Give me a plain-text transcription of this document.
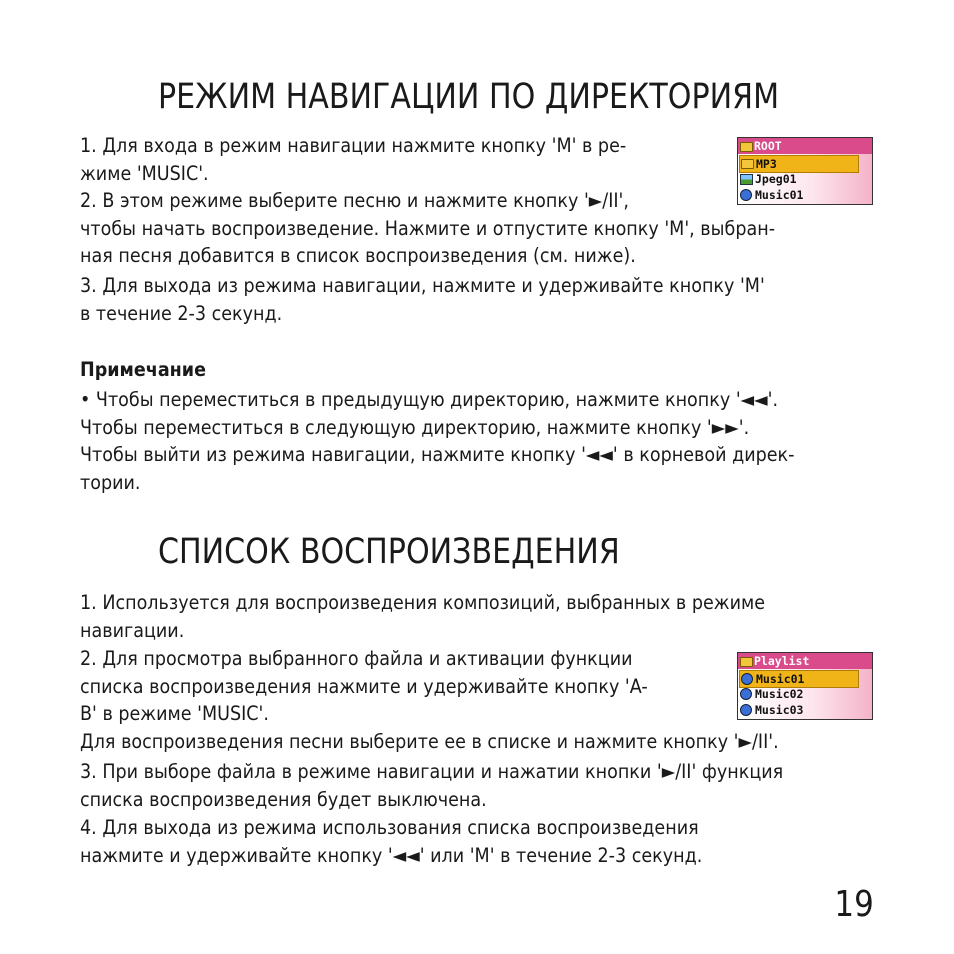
РЕЖИМ НАВИГАЦИИ ПО ДИРЕКТОРИЯМ
1. Для входа в режим навигации нажмите кнопку 'M' в ре-
жиме 'MUSIC'.
2. В этом режиме выберите песню и нажмите кнопку '►/II',
чтобы начать воспроизведение. Нажмите и отпустите кнопку 'M', выбран-
ная песня добавится в список воспроизведения (см. ниже).
3. Для выхода из режима навигации, нажмите и удерживайте кнопку 'M'
в течение 2-3 секунд.
Примечание
• Чтобы переместиться в предыдущую директорию, нажмите кнопку '◄◄'.
Чтобы переместиться в следующую директорию, нажмите кнопку '►►'.
Чтобы выйти из режима навигации, нажмите кнопку '◄◄' в корневой дирек-
тории.
ROOT
MP3
Jpeg01
Music01
СПИСОК ВОСПРОИЗВЕДЕНИЯ
1. Используется для воспроизведения композиций, выбранных в режиме
навигации.
2. Для просмотра выбранного файла и активации функции
списка воспроизведения нажмите и удерживайте кнопку 'A-
B' в режиме 'MUSIC'.
Для воспроизведения песни выберите ее в списке и нажмите кнопку '►/II'.
3. При выборе файла в режиме навигации и нажатии кнопки '►/II' функция
списка воспроизведения будет выключена.
4. Для выхода из режима использования списка воспроизведения
нажмите и удерживайте кнопку '◄◄' или 'M' в течение 2-3 секунд.
Playlist
Music01
Music02
Music03
19
